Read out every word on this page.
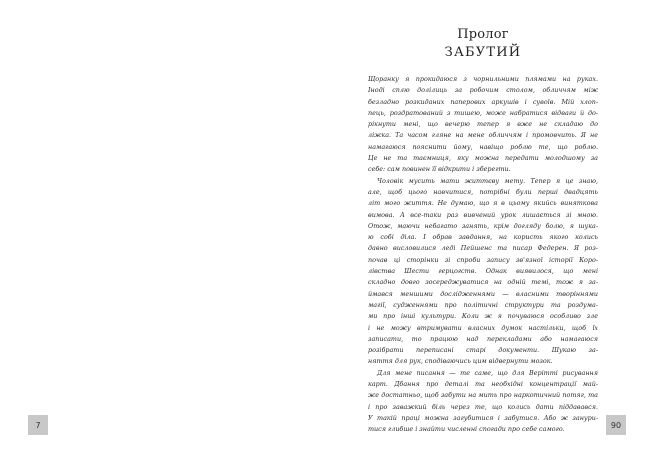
Пролог
ЗАБУТИЙ
Щоранку я прокидаюся з чорнильними плямами на руках.
Іноді сплю долілиць за робочим столом, обличчям між
безладно розкиданих паперових аркушів і сувоїв. Мій хлоп-
пець, роздратований з тишею, може набратися відваги й до-
рікнути мені, що вечерю тепер я вже не складаю до
ліжка. Та часом гляне на мене обличчям і промовчить. Я не
намагаюся пояснити йому, навіщо роблю те, що роблю.
Це не та таємниця, яку можна передати молодшому за
себе: сам повинен її відкрити і зберегти.
Чоловік мусить мати життєву мету. Тепер я це знаю,
але, щоб цього навчитися, потрібні були перші двадцять
літ мого життя. Не думаю, що я в цьому якийсь виняткова
вимова. А все-таки раз вивчений урок лишається зі мною.
Отож, маючи небагато занять, крім догляду болю, я шука-
ю собі діла. І обрав завдання, на користь якого колись
давно висловилися леді Пейшенс та писар Федерен. Я роз-
почав ці сторінки зі спроби запису зв'язної історії Коро-
лівства Шести герцогств. Однак виявилося, що мені
складно довго зосереджуватися на одній темі, тож я за-
ймався меншими дослідженнями — власними творіннями
магії, судженнями про політичні структури та роздума-
ми про інші культури. Коли ж я почуваюся особливо зле
і не можу втримувати власних думок настільки, щоб їх
записати, то працюю над перекладами або намагаюся
розібрати переписані старі документи. Шукаю за-
няття для рук, сподіваючись цим відвернути мозок.
Для мене писання — те саме, що для Верітті рисування
карт. Дбання про деталі та необхідні концентрації май-
же достатньо, щоб забути на мить про наркотичний потяг, та
і про заважкий біль через те, що колись дати піддавався.
У такій праці можна загубитися і забутися. Або ж занури-
тися глибше і знайти численні спогади про себе самого.
7	90
